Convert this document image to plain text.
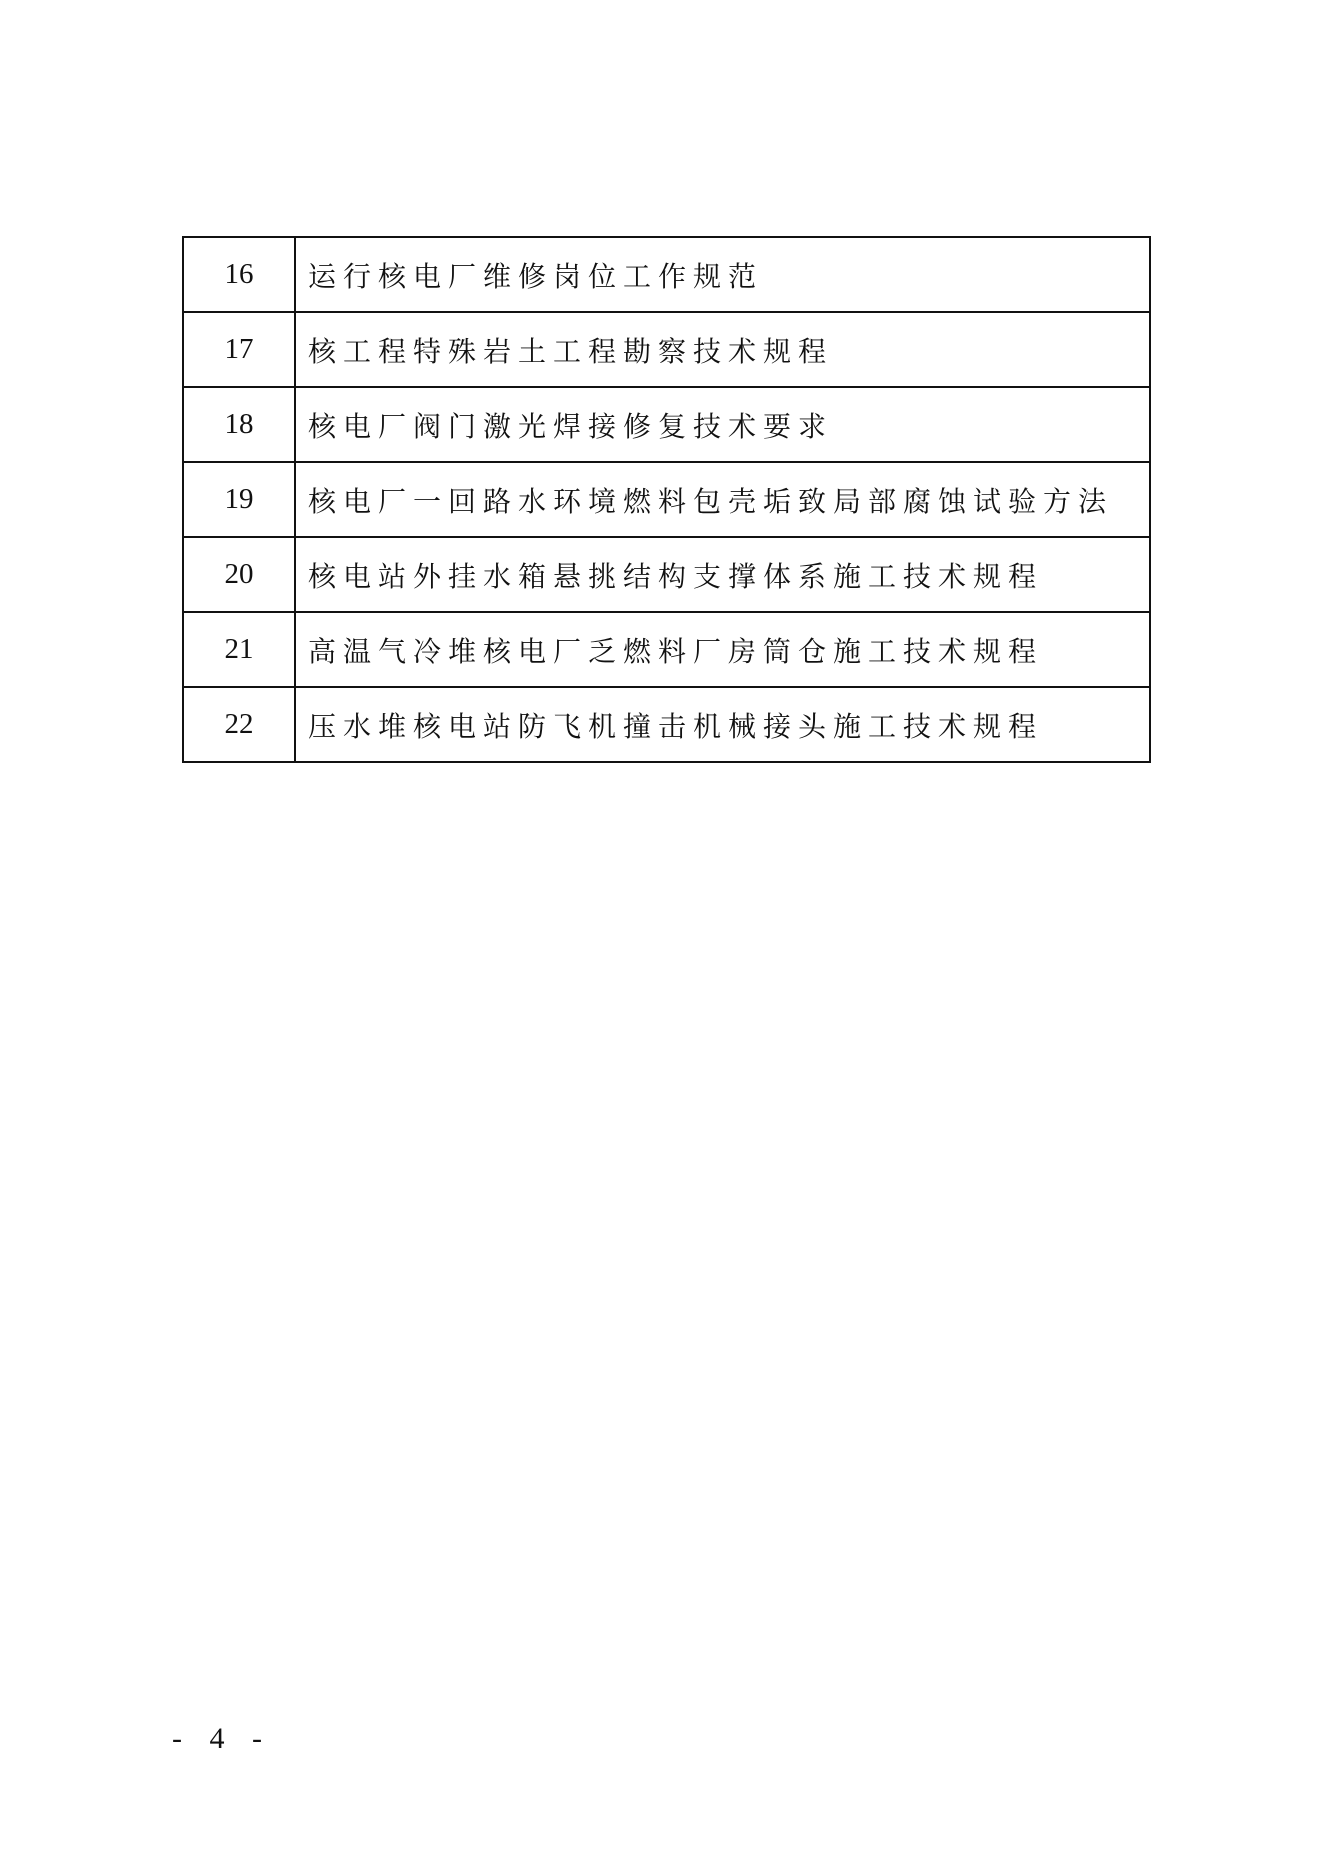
16	运行核电厂维修岗位工作规范
17	核工程特殊岩土工程勘察技术规程
18	核电厂阀门激光焊接修复技术要求
19	核电厂一回路水环境燃料包壳垢致局部腐蚀试验方法
20	核电站外挂水箱悬挑结构支撑体系施工技术规程
21	高温气冷堆核电厂乏燃料厂房筒仓施工技术规程
22	压水堆核电站防飞机撞击机械接头施工技术规程
- 4 -
